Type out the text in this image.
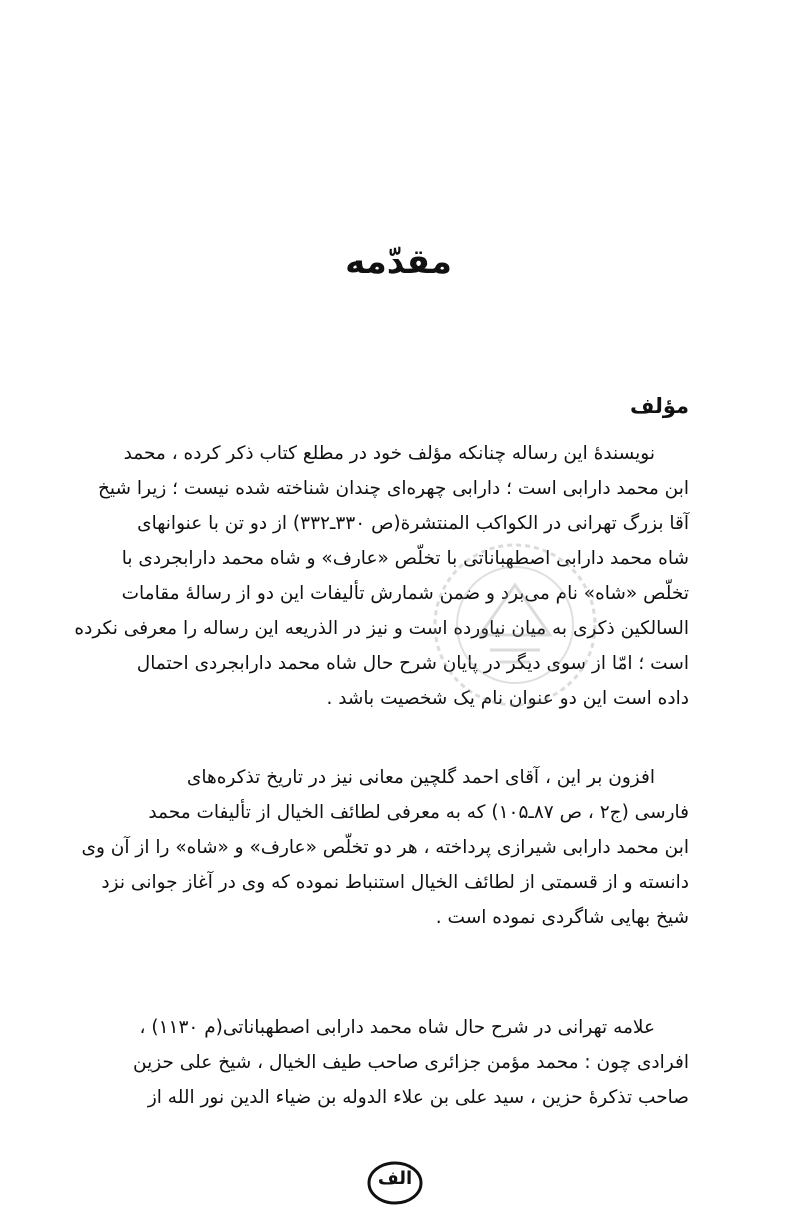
مقدّمه
مؤلف
نویسندهٔ این رساله چنانکه مؤلف خود در مطلع کتاب ذکر کرده ، محمد
ابن محمد دارابی است ؛ دارابی چهره‌ای چندان شناخته شده نیست ؛ زیرا شیخ
آقا بزرگ تهرانی در الکواکب المنتشرة(ص ۳۳۰ـ۳۳۲) از دو تن با عنوانهای
شاه محمد دارابی اصطهباناتی با تخلّص «عارف» و شاه محمد دارابجردی با
تخلّص «شاه» نام می‌برد و ضمن شمارش تألیفات این دو از رسالهٔ مقامات
السالکین ذکری به میان نیاورده است و نیز در الذریعه این رساله را معرفی نکرده
است ؛ امّا از سوی دیگر در پایان شرح حال شاه محمد دارابجردی احتمال
داده است این دو عنوان نام یک شخصیت باشد .
افزون بر این ، آقای احمد گلچین معانی نیز در تاریخ تذکره‌های
فارسی (ج۲ ، ص ۸۷ـ۱۰۵) که به معرفی لطائف الخیال از تألیفات محمد
ابن محمد دارابی شیرازی پرداخته ، هر دو تخلّص «عارف» و «شاه» را از آن وی
دانسته و از قسمتی از لطائف الخیال استنباط نموده که وی در آغاز جوانی نزد
شیخ بهایی شاگردی نموده است .
علامه تهرانی در شرح حال شاه محمد دارابی اصطهباناتی(م ۱۱۳۰) ،
افرادی چون : محمد مؤمن جزائری صاحب طیف الخیال ، شیخ علی حزین
صاحب تذکرهٔ حزین ، سید علی بن علاء الدوله بن ضیاء الدین نور الله از
الف
